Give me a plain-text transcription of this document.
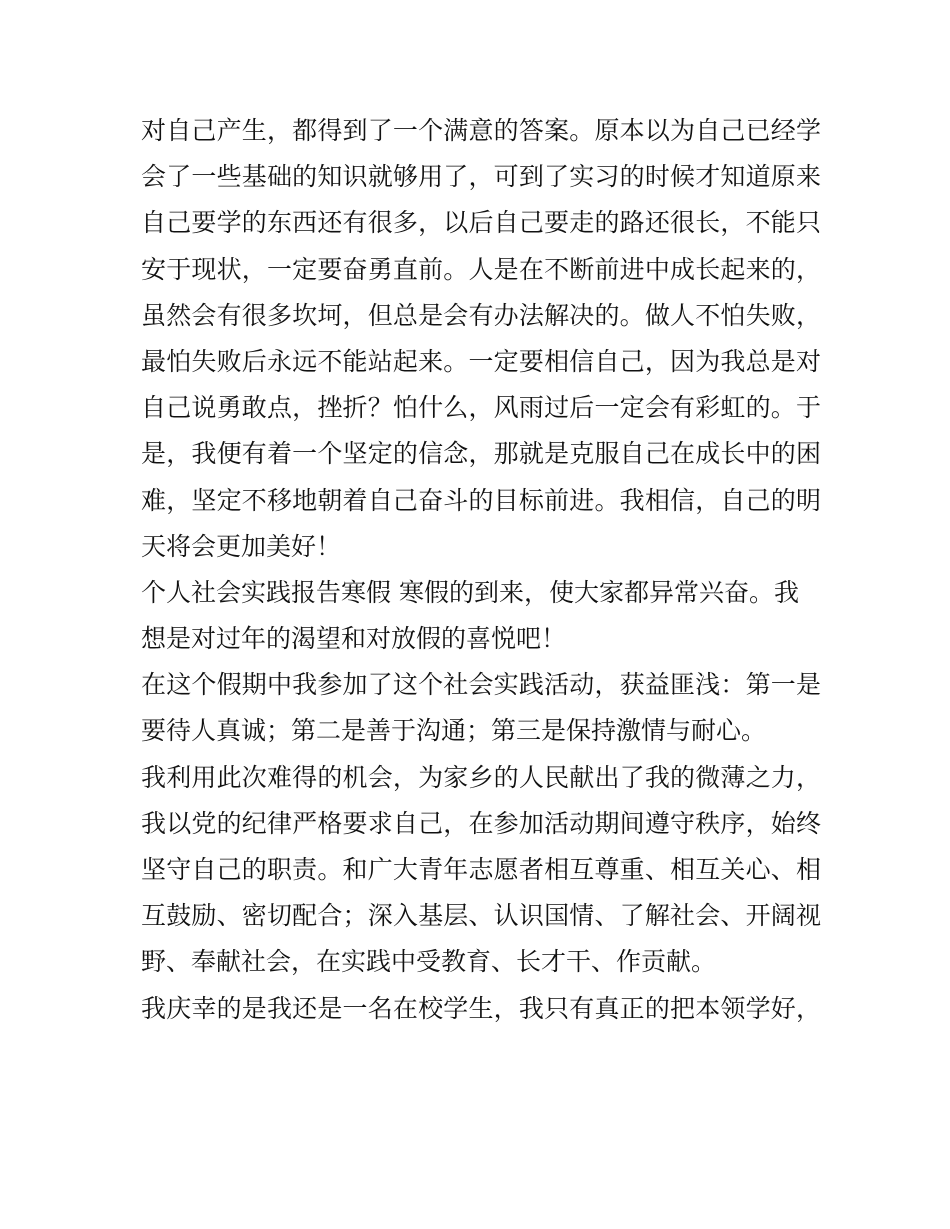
对自己产生，都得到了一个满意的答案。原本以为自己已经学
会了一些基础的知识就够用了，可到了实习的时候才知道原来
自己要学的东西还有很多，以后自己要走的路还很长，不能只
安于现状，一定要奋勇直前。人是在不断前进中成长起来的，
虽然会有很多坎坷，但总是会有办法解决的。做人不怕失败，
最怕失败后永远不能站起来。一定要相信自己，因为我总是对
自己说勇敢点，挫折？怕什么，风雨过后一定会有彩虹的。于
是，我便有着一个坚定的信念，那就是克服自己在成长中的困
难，坚定不移地朝着自己奋斗的目标前进。我相信，自己的明
天将会更加美好！
个人社会实践报告寒假 寒假的到来，使大家都异常兴奋。我
想是对过年的渴望和对放假的喜悦吧！
在这个假期中我参加了这个社会实践活动，获益匪浅：第一是
要待人真诚；第二是善于沟通；第三是保持激情与耐心。
我利用此次难得的机会，为家乡的人民献出了我的微薄之力，
我以党的纪律严格要求自己，在参加活动期间遵守秩序，始终
坚守自己的职责。和广大青年志愿者相互尊重、相互关心、相
互鼓励、密切配合；深入基层、认识国情、了解社会、开阔视
野、奉献社会，在实践中受教育、长才干、作贡献。
我庆幸的是我还是一名在校学生，我只有真正的把本领学好，
